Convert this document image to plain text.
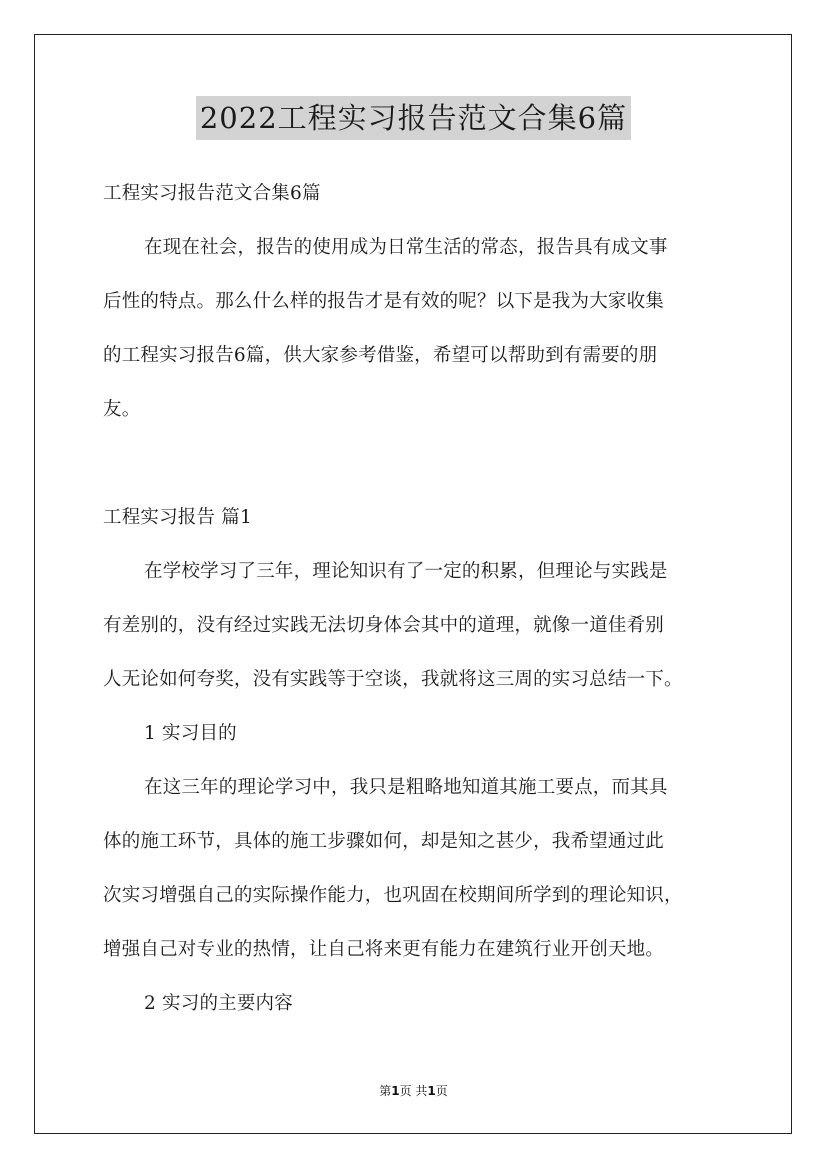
2022工程实习报告范文合集6篇
工程实习报告范文合集6篇
在现在社会，报告的使用成为日常生活的常态，报告具有成文事
后性的特点。那么什么样的报告才是有效的呢？以下是我为大家收集
的工程实习报告6篇，供大家参考借鉴，希望可以帮助到有需要的朋
友。
工程实习报告 篇1
在学校学习了三年，理论知识有了一定的积累，但理论与实践是
有差别的，没有经过实践无法切身体会其中的道理，就像一道佳肴别
人无论如何夸奖，没有实践等于空谈，我就将这三周的实习总结一下。
1 实习目的
在这三年的理论学习中，我只是粗略地知道其施工要点，而其具
体的施工环节，具体的施工步骤如何，却是知之甚少，我希望通过此
次实习增强自己的实际操作能力，也巩固在校期间所学到的理论知识，
增强自己对专业的热情，让自己将来更有能力在建筑行业开创天地。
2 实习的主要内容
第1页 共1页
